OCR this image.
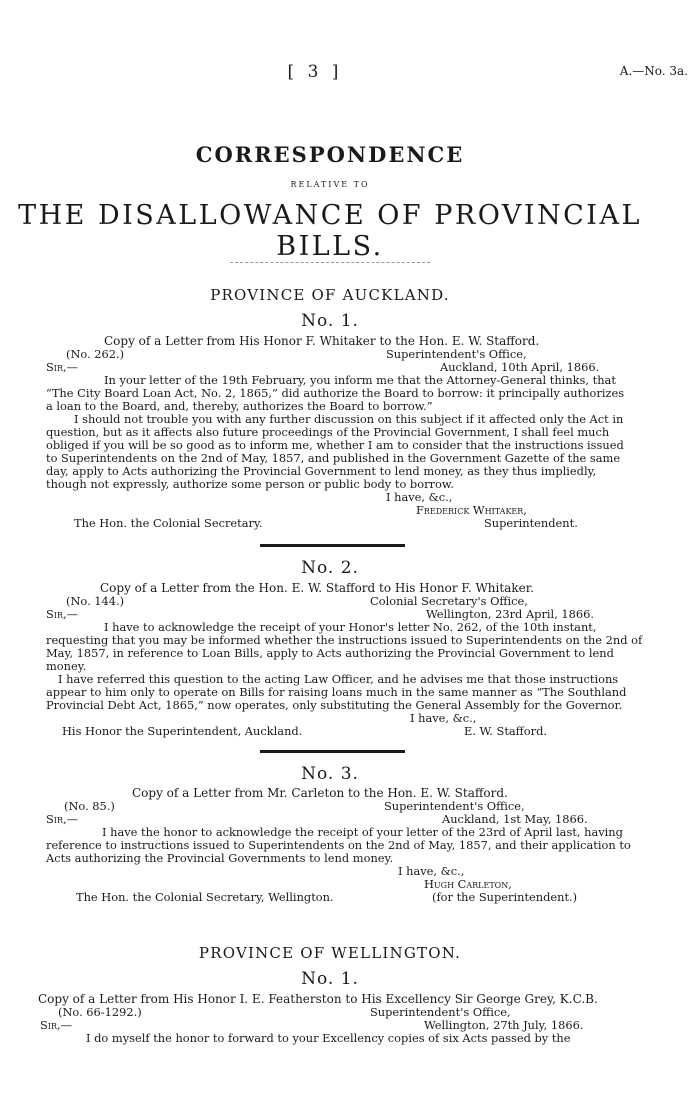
[ 3 ]	A.—No. 3a.
CORRESPONDENCE
RELATIVE TO
THE DISALLOWANCE OF PROVINCIAL BILLS.
PROVINCE OF AUCKLAND.
No. 1.
Copy of a Letter from His Honor F. Whitaker to the Hon. E. W. Stafford.
(No. 262.)	Superintendent's Office,
Sir,—	Auckland, 10th April, 1866.

In your letter of the 19th February, you inform me that the Attorney-General thinks, that

“The City Board Loan Act, No. 2, 1865,” did authorize the Board to borrow: it principally authorizes

a loan to the Board, and, thereby, authorizes the Board to borrow.”

I should not trouble you with any further discussion on this subject if it affected only the Act in

question, but as it affects also future proceedings of the Provincial Government, I shall feel much

obliged if you will be so good as to inform me, whether I am to consider that the instructions issued

to Superintendents on the 2nd of May, 1857, and published in the Government Gazette of the same

day, apply to Acts authorizing the Provincial Government to lend money, as they thus impliedly,

though not expressly, authorize some person or public body to borrow.

I have, &c.,
Frederick Whitaker,
Superintendent.
The Hon. the Colonial Secretary.
No. 2.
Copy of a Letter from the Hon. E. W. Stafford to His Honor F. Whitaker.
(No. 144.)	Colonial Secretary's Office,
Sir,—	Wellington, 23rd April, 1866.

I have to acknowledge the receipt of your Honor's letter No. 262, of the 10th instant,

requesting that you may be informed whether the instructions issued to Superintendents on the 2nd of

May, 1857, in reference to Loan Bills, apply to Acts authorizing the Provincial Government to lend

money.

I have referred this question to the acting Law Officer, and he advises me that those instructions

appear to him only to operate on Bills for raising loans much in the same manner as “The Southland

Provincial Debt Act, 1865,” now operates, only substituting the General Assembly for the Governor.

I have, &c.,
E. W. Stafford.
His Honor the Superintendent, Auckland.
No. 3.
Copy of a Letter from Mr. Carleton to the Hon. E. W. Stafford.
(No. 85.)	Superintendent's Office,
Sir,—	Auckland, 1st May, 1866.

I have the honor to acknowledge the receipt of your letter of the 23rd of April last, having

reference to instructions issued to Superintendents on the 2nd of May, 1857, and their application to

Acts authorizing the Provincial Governments to lend money.

I have, &c.,
Hugh Carleton,
(for the Superintendent.)
The Hon. the Colonial Secretary, Wellington.
PROVINCE OF WELLINGTON.
No. 1.
Copy of a Letter from His Honor I. E. Featherston to His Excellency Sir George Grey, K.C.B.
(No. 66-1292.)	Superintendent's Office,
Sir,—	Wellington, 27th July, 1866.
I do myself the honor to forward to your Excellency copies of six Acts passed by the
